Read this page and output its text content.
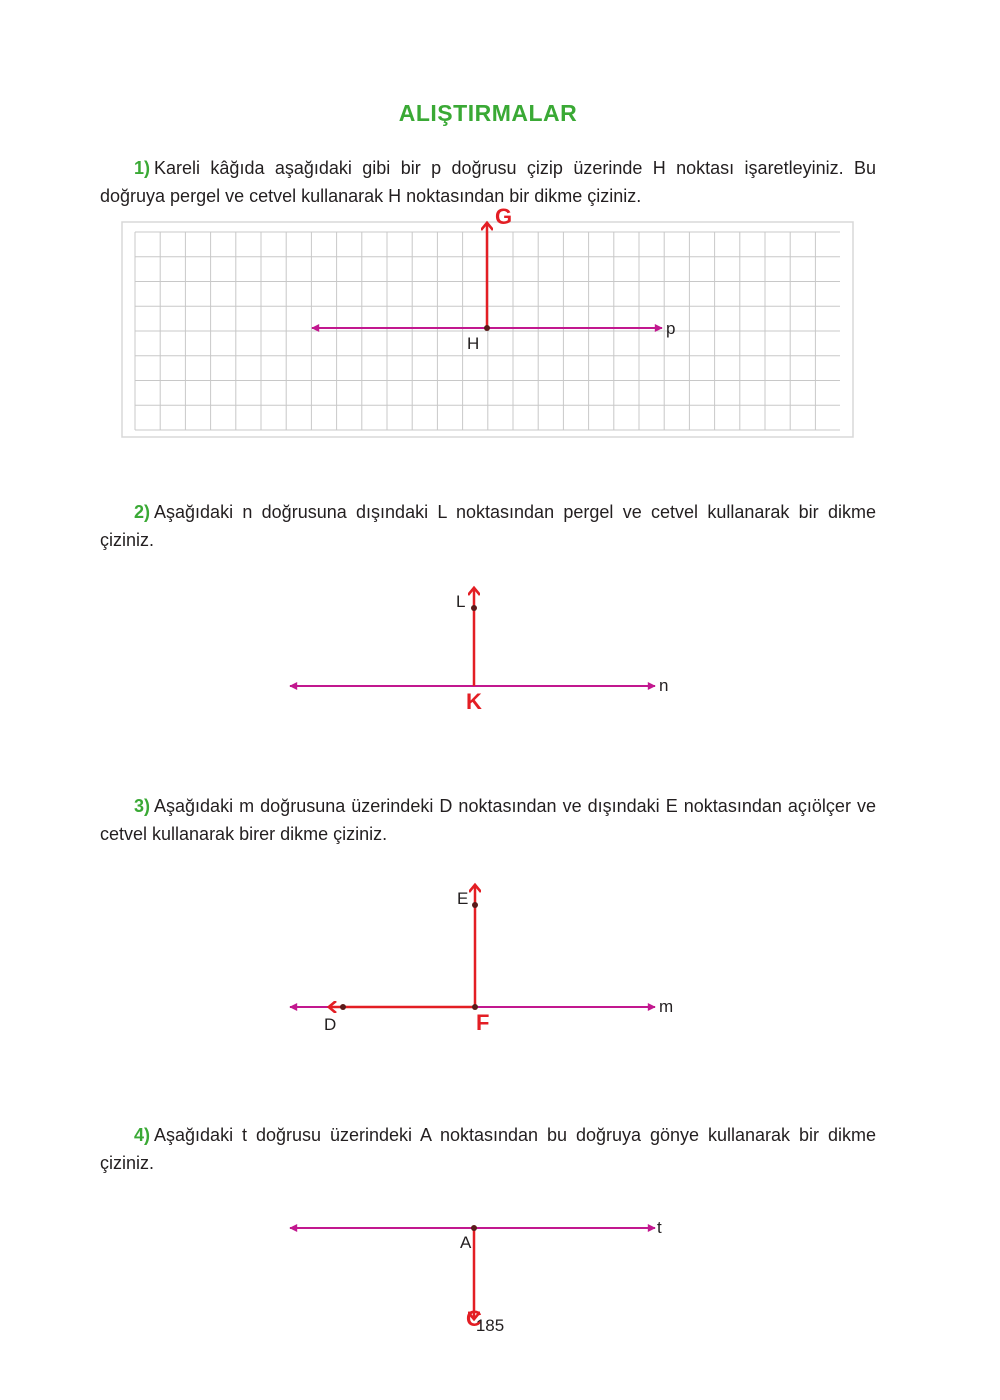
ALIŞTIRMALAR
1) Kareli kâğıda aşağıdaki gibi bir p doğrusu çizip üzerinde H noktası işaretleyiniz. Bu doğruya pergel ve cetvel kullanarak H noktasından bir dikme çiziniz.
2) Aşağıdaki n doğrusuna dışındaki L noktasından pergel ve cetvel kullanarak bir dikme çiziniz.
3) Aşağıdaki m doğrusuna üzerindeki D noktasından ve dışındaki E noktasından açıölçer ve cetvel kullanarak birer dikme çiziniz.
4) Aşağıdaki t doğrusu üzerindeki A noktasından bu doğruya gönye kullanarak bir dikme çiziniz.
p
H
G
L
n
K
E
D
m
F
A
t
C
185
